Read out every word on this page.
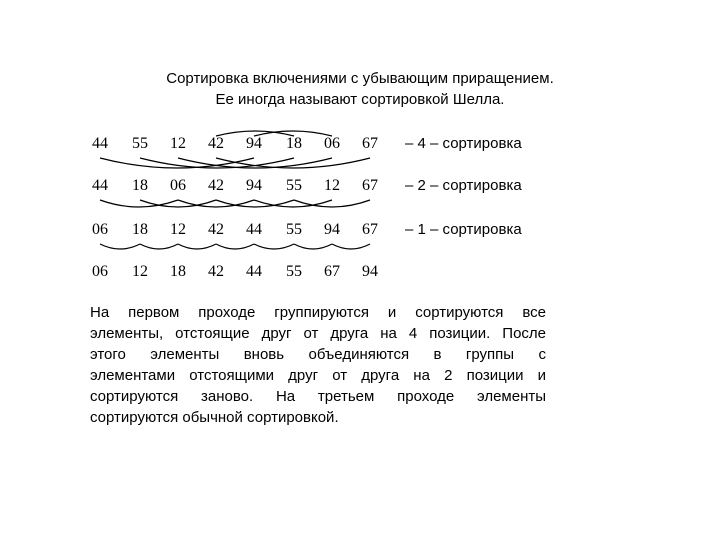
Сортировка включениями с убывающим приращением.
Ее иногда называют сортировкой Шелла.
44 55 12 42 94 18 06 67 – 4 – сортировка
44 18 06 42 94 55 12 67 – 2 – сортировка
06 18 12 42 44 55 94 67 – 1 – сортировка
06 12 18 42 44 55 67 94
На первом проходе группируются и сортируются все
элементы, отстоящие друг от друга на 4 позиции. После
этого элементы вновь объединяются в группы с
элементами отстоящими друг от друга на 2 позиции и
сортируются заново. На третьем проходе элементы
сортируются обычной сортировкой.
